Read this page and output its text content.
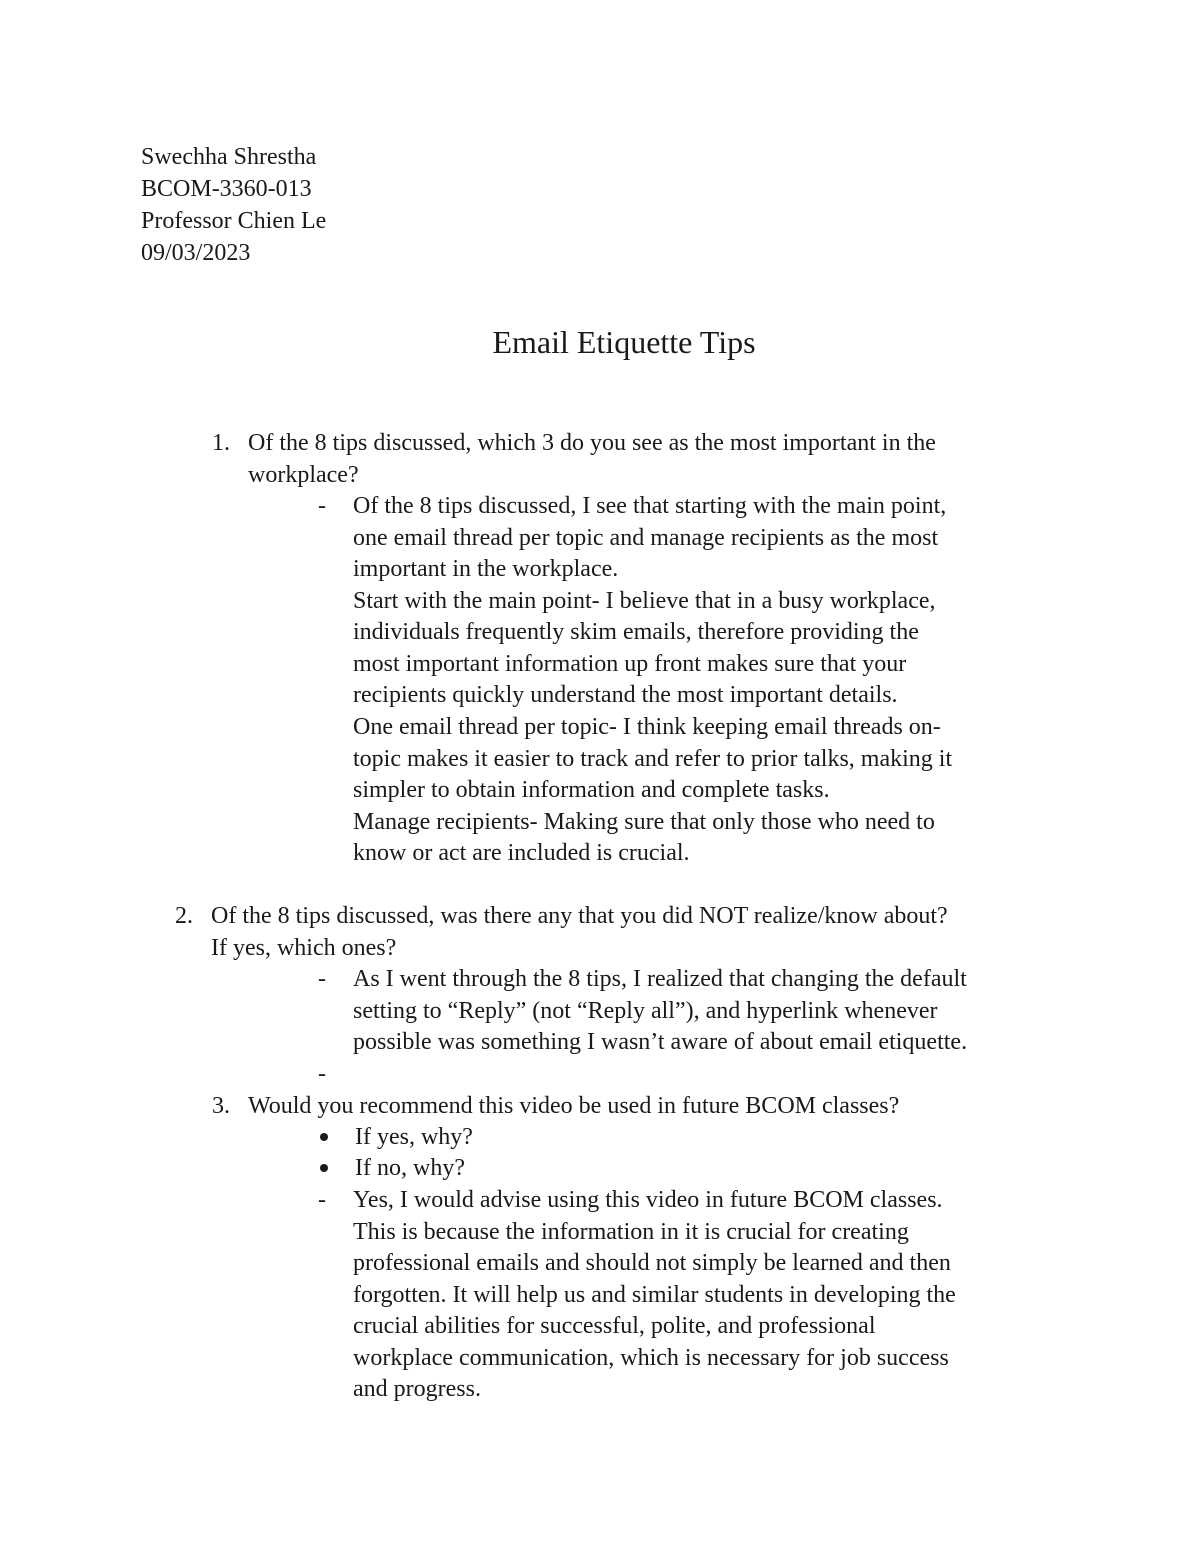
Swechha Shrestha
BCOM-3360-013
Professor Chien Le
09/03/2023
Email Etiquette Tips
1. Of the 8 tips discussed, which 3 do you see as the most important in the
workplace?
- Of the 8 tips discussed, I see that starting with the main point,
one email thread per topic and manage recipients as the most
important in the workplace.
Start with the main point- I believe that in a busy workplace,
individuals frequently skim emails, therefore providing the
most important information up front makes sure that your
recipients quickly understand the most important details.
One email thread per topic- I think keeping email threads on-
topic makes it easier to track and refer to prior talks, making it
simpler to obtain information and complete tasks.
Manage recipients- Making sure that only those who need to
know or act are included is crucial.
2. Of the 8 tips discussed, was there any that you did NOT realize/know about?
If yes, which ones?
- As I went through the 8 tips, I realized that changing the default
setting to “Reply” (not “Reply all”), and hyperlink whenever
possible was something I wasn’t aware of about email etiquette.
-
3. Would you recommend this video be used in future BCOM classes?
If yes, why?
If no, why?
- Yes, I would advise using this video in future BCOM classes.
This is because the information in it is crucial for creating
professional emails and should not simply be learned and then
forgotten. It will help us and similar students in developing the
crucial abilities for successful, polite, and professional
workplace communication, which is necessary for job success
and progress.
